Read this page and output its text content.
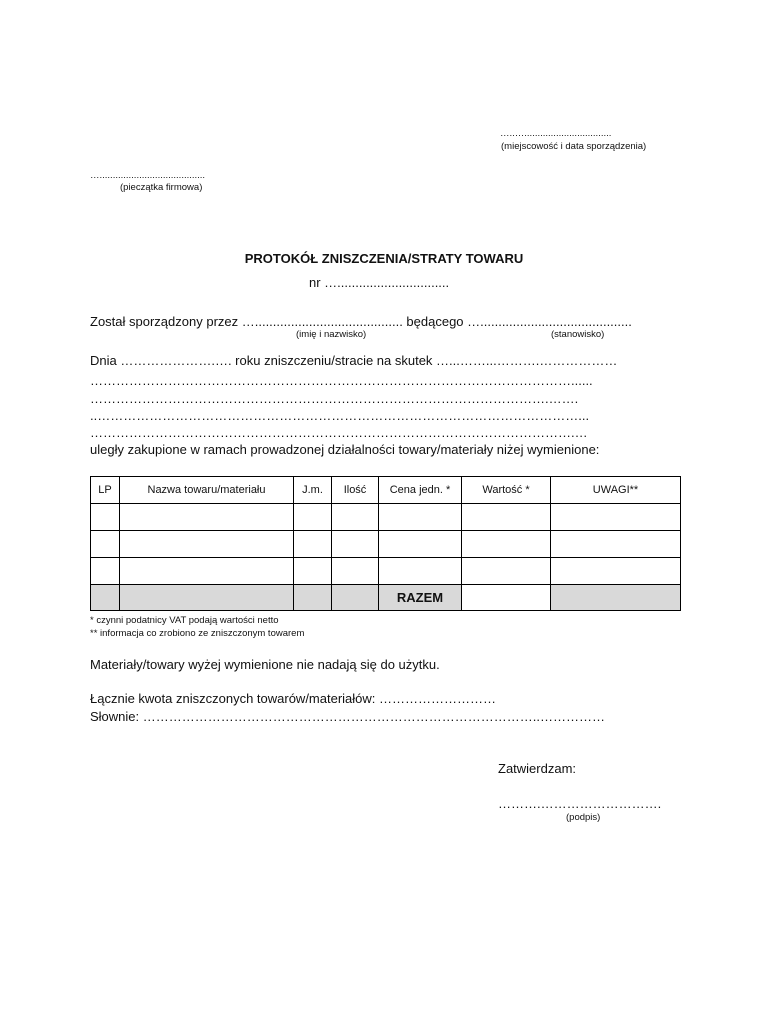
…..….................................
(miejscowość i data sporządzenia)
…........................................
(pieczątka firmowa)
PROTOKÓŁ ZNISZCZENIA/STRATY TOWARU
nr …...............................
Został sporządzony przez …......................................... będącego …..........................................
(imię i nazwisko)	(stanowisko)
Dnia ………………….…. roku zniszczeniu/stracie na skutek …...……...……….………………
…………………………………………………………………………………………………......
…………………………………………………………………………………………….…….
..…………………………………………………………………………………………………...
………………………………………………………………………………………………….…
uległy zakupione w ramach prowadzonej działalności towary/materiały niżej wymienione:
LP	Nazwa towaru/materiału	J.m.	Ilość	Cena jedn. *	Wartość *	UWAGI**

				RAZEM		
* czynni podatnicy VAT podają wartości netto
** informacja co zrobiono ze zniszczonym towarem
Materiały/towary wyżej wymienione nie nadają się do użytku.
Łącznie kwota zniszczonych towarów/materiałów: ………………………
Słownie: ………………………………………………………………………………..……………
Zatwierdzam:
……….……………………….
(podpis)
